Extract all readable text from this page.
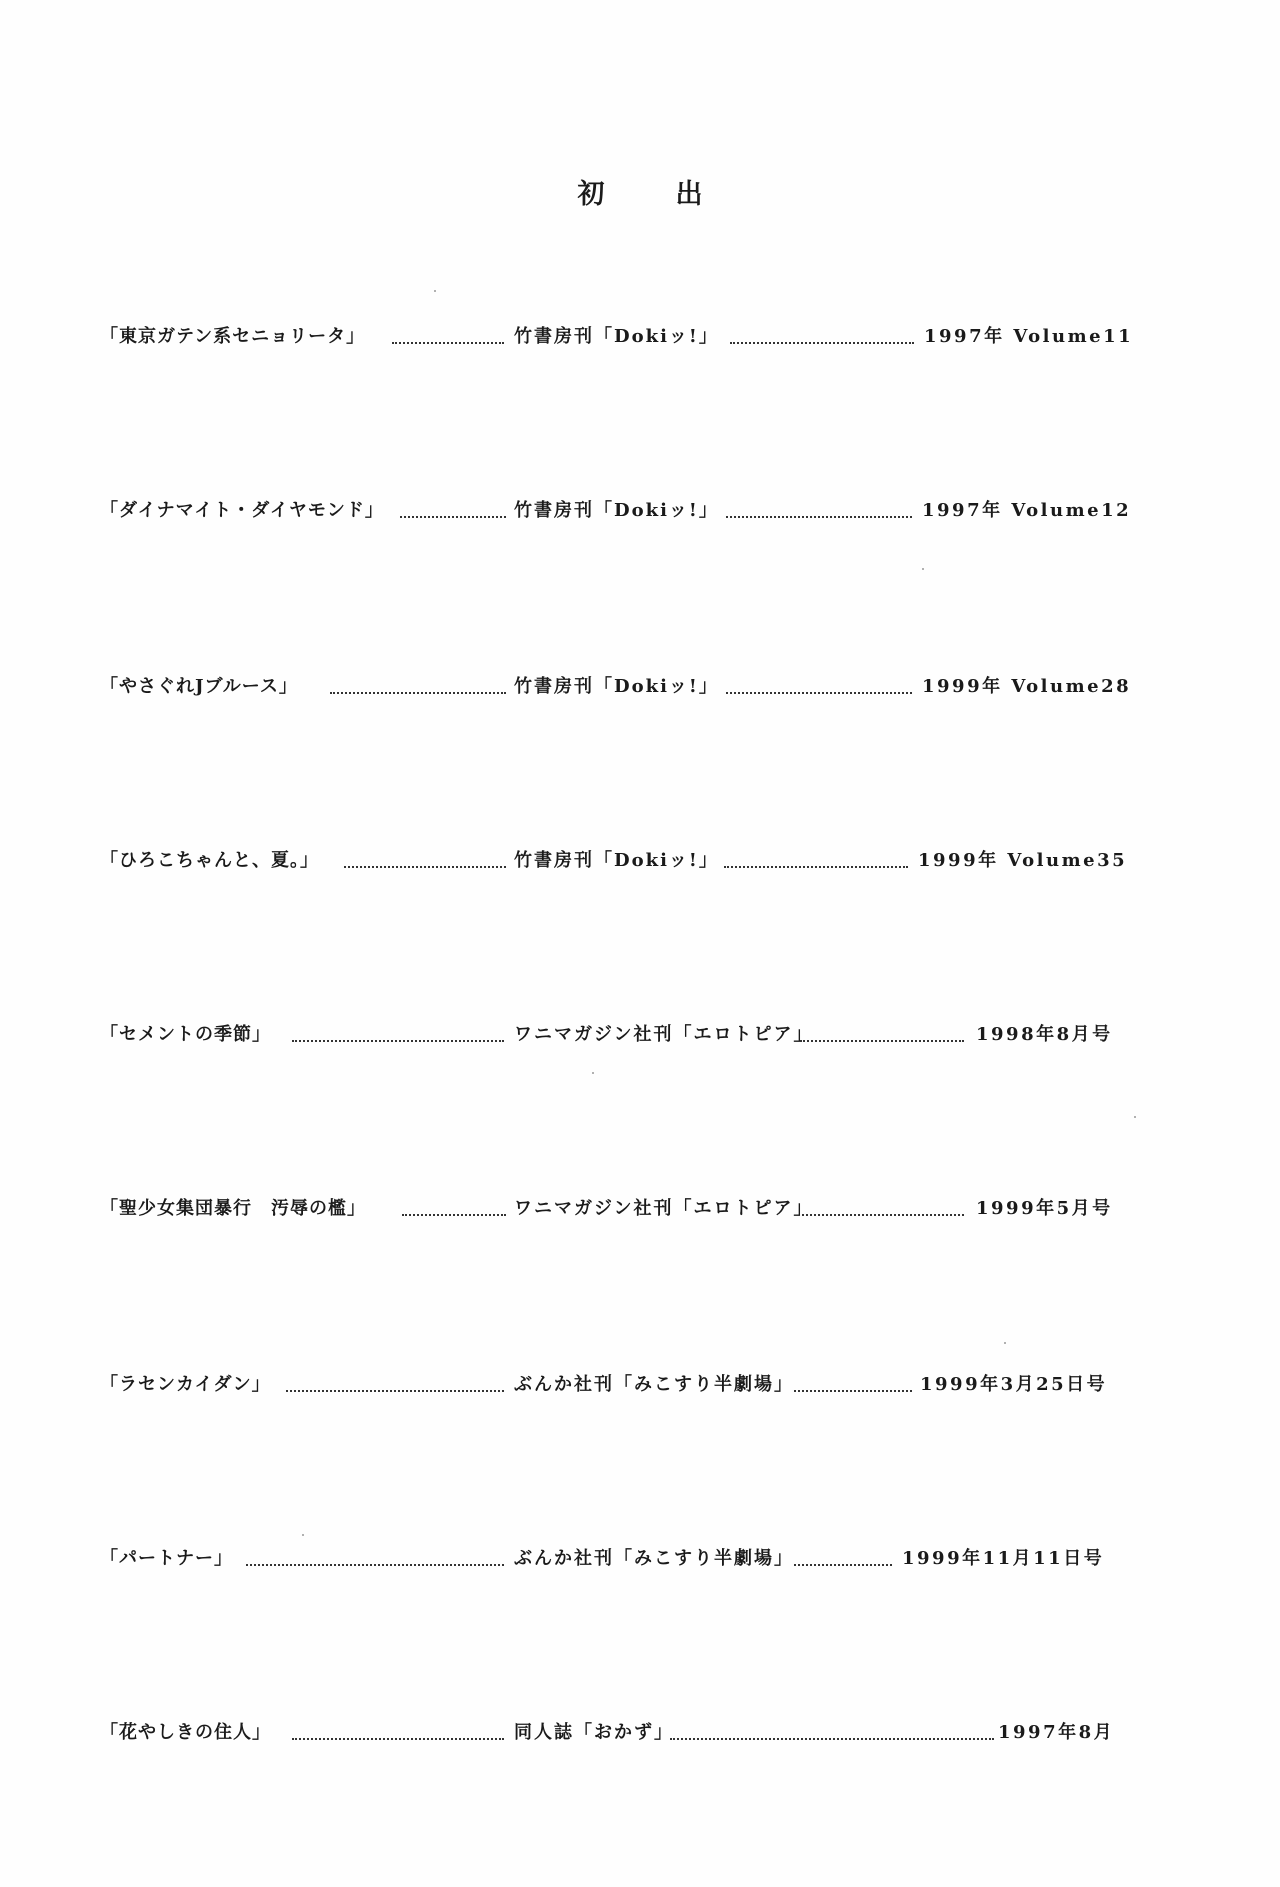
初　出
「東京ガテン系セニョリータ」	竹書房刊「Dokiッ!」	1997年 Volume11
「ダイナマイト・ダイヤモンド」	竹書房刊「Dokiッ!」	1997年 Volume12
「やさぐれJブルース」	竹書房刊「Dokiッ!」	1999年 Volume28
「ひろこちゃんと、夏。」	竹書房刊「Dokiッ!」	1999年 Volume35
「セメントの季節」	ワニマガジン社刊「エロトピア」	1998年8月号
「聖少女集団暴行　汚辱の檻」	ワニマガジン社刊「エロトピア」	1999年5月号
「ラセンカイダン」	ぶんか社刊「みこすり半劇場」	1999年3月25日号
「パートナー」	ぶんか社刊「みこすり半劇場」	1999年11月11日号
「花やしきの住人」	同人誌「おかず」	1997年8月
